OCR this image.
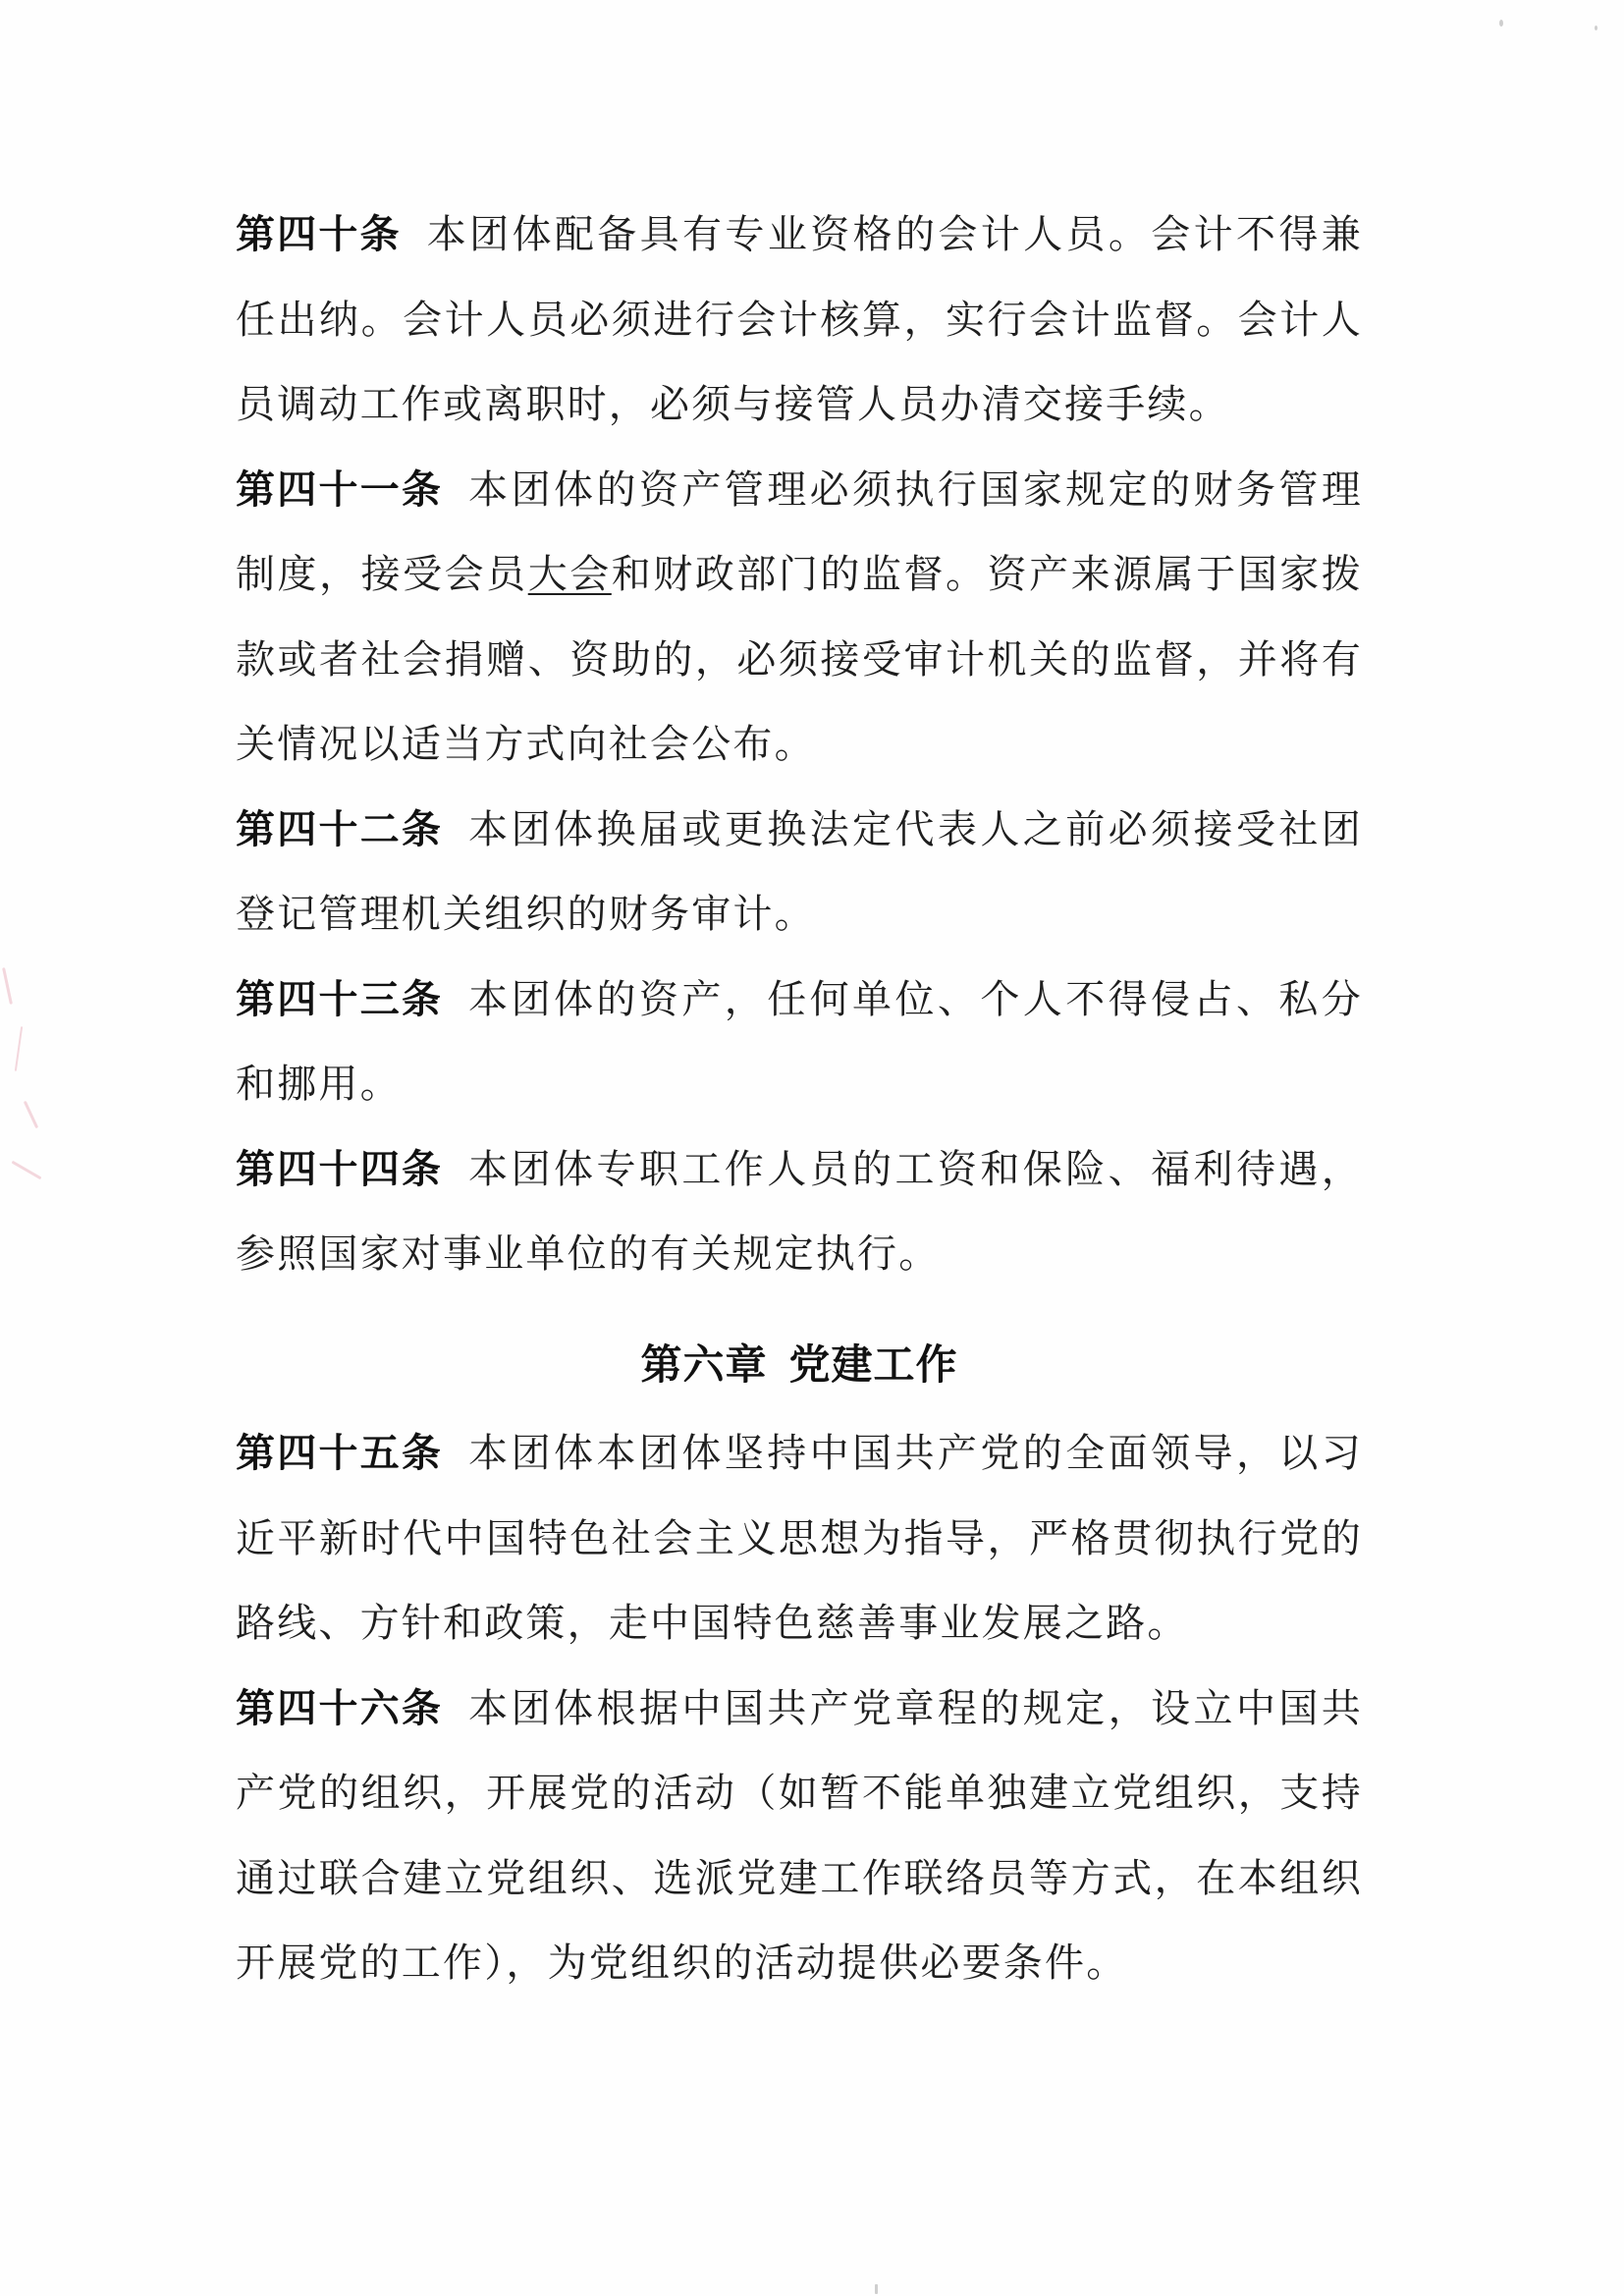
第四十条 本团体配备具有专业资格的会计人员。会计不得兼
任出纳。会计人员必须进行会计核算，实行会计监督。会计人
员调动工作或离职时，必须与接管人员办清交接手续。
第四十一条 本团体的资产管理必须执行国家规定的财务管理
制度，接受会员大会和财政部门的监督。资产来源属于国家拨
款或者社会捐赠、资助的，必须接受审计机关的监督，并将有
关情况以适当方式向社会公布。
第四十二条 本团体换届或更换法定代表人之前必须接受社团
登记管理机关组织的财务审计。
第四十三条 本团体的资产，任何单位、个人不得侵占、私分
和挪用。
第四十四条 本团体专职工作人员的工资和保险、福利待遇，
参照国家对事业单位的有关规定执行。
第六章 党建工作
第四十五条 本团体本团体坚持中国共产党的全面领导，以习
近平新时代中国特色社会主义思想为指导，严格贯彻执行党的
路线、方针和政策，走中国特色慈善事业发展之路。
第四十六条 本团体根据中国共产党章程的规定，设立中国共
产党的组织，开展党的活动（如暂不能单独建立党组织，支持
通过联合建立党组织、选派党建工作联络员等方式，在本组织
开展党的工作），为党组织的活动提供必要条件。
